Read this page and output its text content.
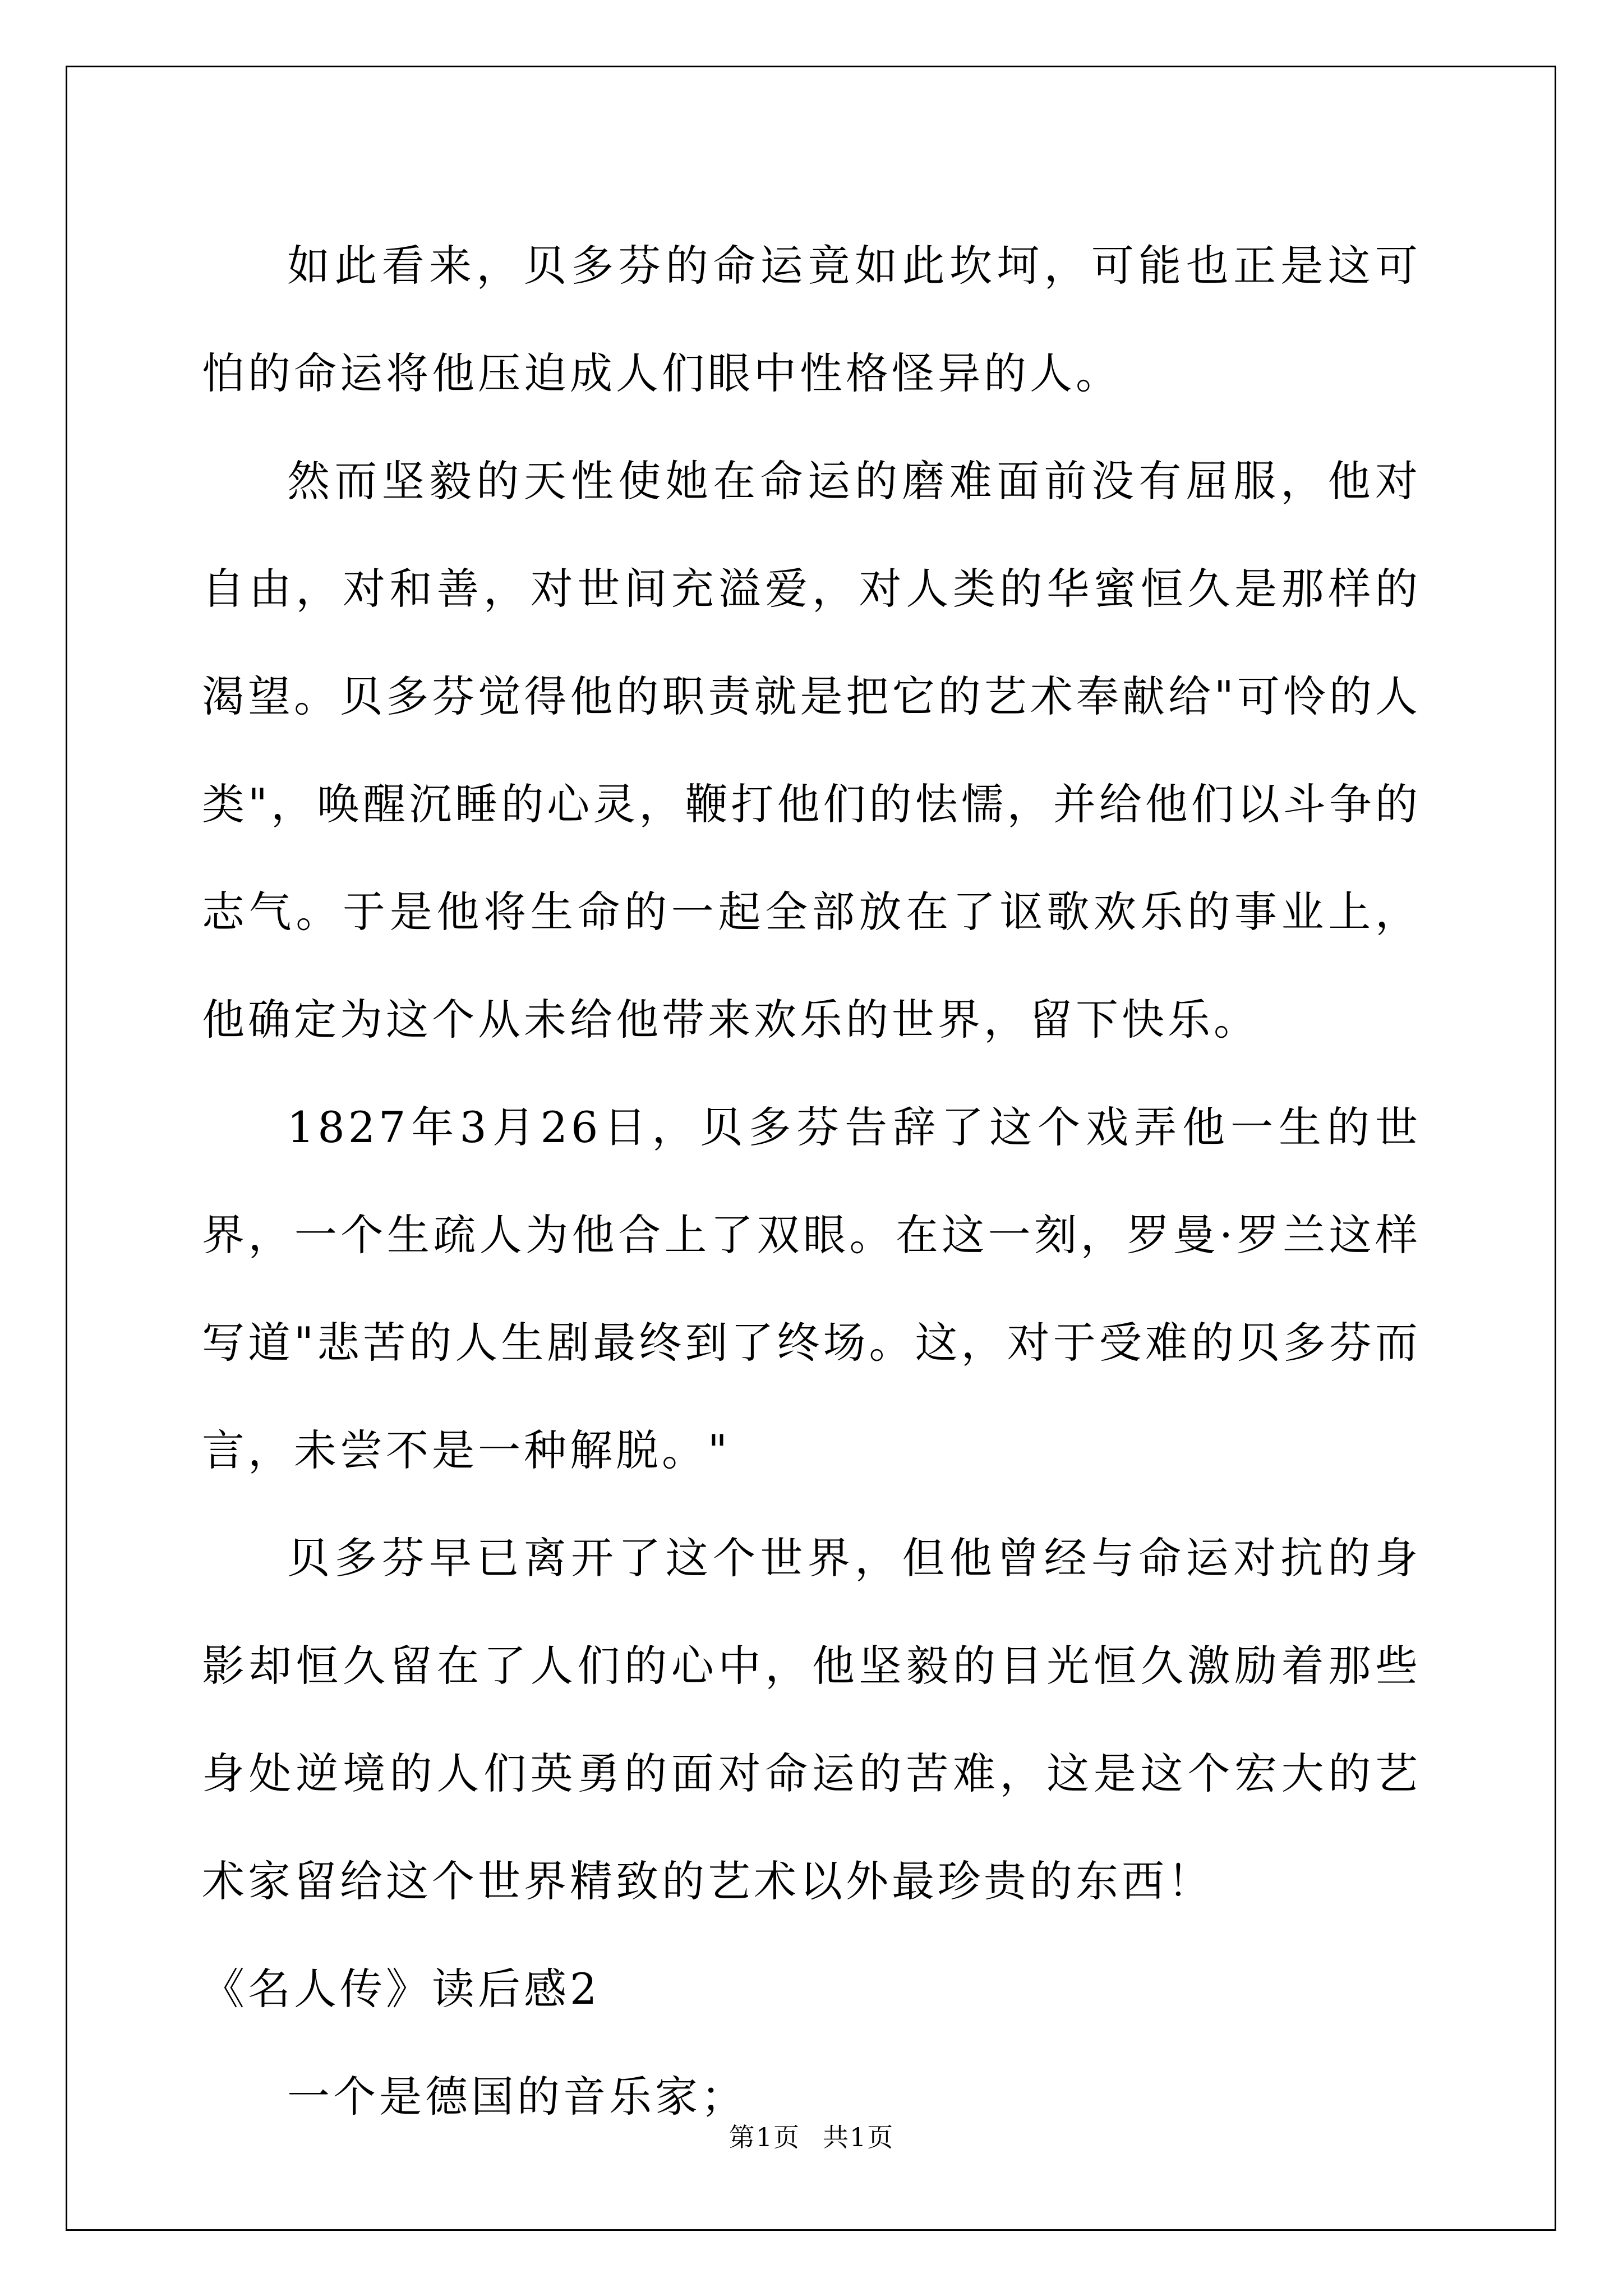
如此看来，贝多芬的命运竟如此坎坷，可能也正是这可怕的命运将他压迫成人们眼中性格怪异的人。

然而坚毅的天性使她在命运的磨难面前没有屈服，他对自由，对和善，对世间充溢爱，对人类的华蜜恒久是那样的渴望。贝多芬觉得他的职责就是把它的艺术奉献给"可怜的人类"，唤醒沉睡的心灵，鞭打他们的怯懦，并给他们以斗争的志气。于是他将生命的一起全部放在了讴歌欢乐的事业上，他确定为这个从未给他带来欢乐的世界，留下快乐。

1827年3月26日，贝多芬告辞了这个戏弄他一生的世界，一个生疏人为他合上了双眼。在这一刻，罗曼·罗兰这样写道"悲苦的人生剧最终到了终场。这，对于受难的贝多芬而言，未尝不是一种解脱。"

贝多芬早已离开了这个世界，但他曾经与命运对抗的身影却恒久留在了人们的心中，他坚毅的目光恒久激励着那些身处逆境的人们英勇的面对命运的苦难，这是这个宏大的艺术家留给这个世界精致的艺术以外最珍贵的东西！

《名人传》读后感2

一个是德国的音乐家；

第1页 共1页
